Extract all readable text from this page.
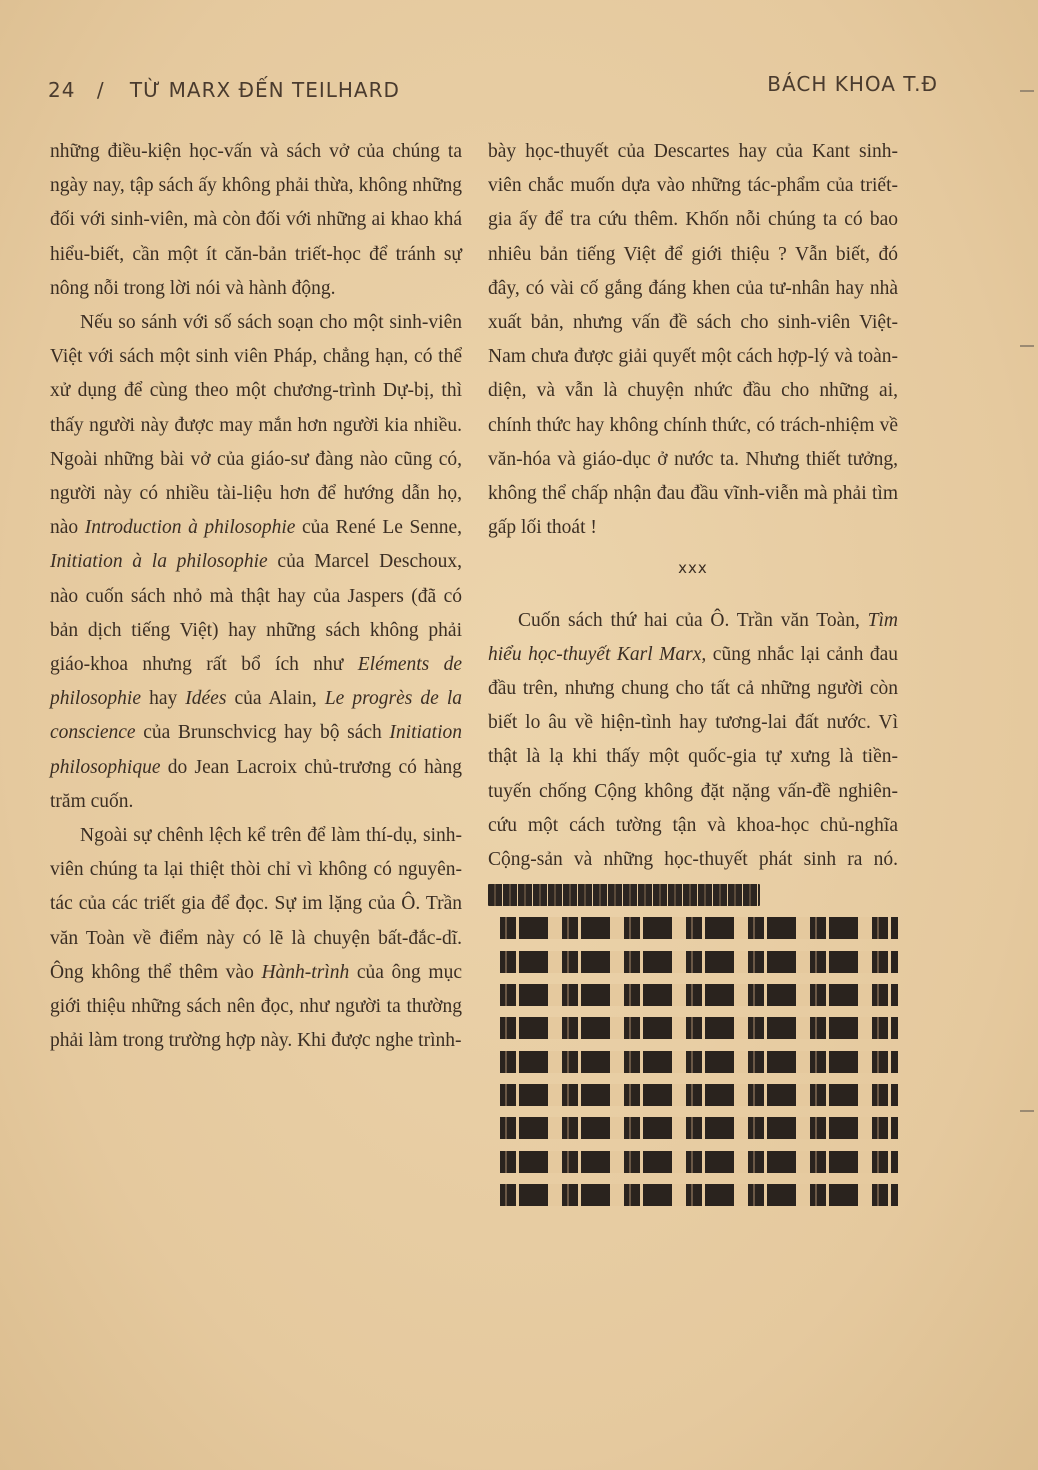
24 / TỪ MARX ĐẾN TEILHARD	BÁCH KHOA T.Đ

những điều-kiện học-vấn và sách vở của chúng ta ngày nay, tập sách ấy không phải thừa, không những đối với sinh-viên, mà còn đối với những ai khao khá hiểu-biết, cần một ít căn-bản triết-học để tránh sự nông nỗi trong lời nói và hành động.

Nếu so sánh với số sách soạn cho một sinh-viên Việt với sách một sinh viên Pháp, chẳng hạn, có thể xử dụng để cùng theo một chương-trình Dự-bị, thì thấy người này được may mắn hơn người kia nhiều. Ngoài những bài vở của giáo-sư đàng nào cũng có, người này có nhiều tài-liệu hơn để hướng dẫn họ, nào Introduction à philosophie của René Le Senne, Initiation à la philosophie của Marcel Deschoux, nào cuốn sách nhỏ mà thật hay của Jaspers (đã có bản dịch tiếng Việt) hay những sách không phải giáo-khoa nhưng rất bổ ích như Eléments de philosophie hay Idées của Alain, Le progrès de la conscience của Brunschvicg hay bộ sách Initiation philosophique do Jean Lacroix chủ-trương có hàng trăm cuốn.

Ngoài sự chênh lệch kể trên để làm thí-dụ, sinh-viên chúng ta lại thiệt thòi chỉ vì không có nguyên-tác của các triết gia để đọc. Sự im lặng của Ô. Trần văn Toàn về điểm này có lẽ là chuyện bất-đắc-dĩ. Ông không thể thêm vào Hành-trình của ông mục giới thiệu những sách nên đọc, như người ta thường phải làm trong trường hợp này. Khi được nghe trình-

bày học-thuyết của Descartes hay của Kant sinh-viên chắc muốn dựa vào những tác-phẩm của triết-gia ấy để tra cứu thêm. Khốn nỗi chúng ta có bao nhiêu bản tiếng Việt để giới thiệu ? Vẫn biết, đó đây, có vài cố gắng đáng khen của tư-nhân hay nhà xuất bản, nhưng vấn đề sách cho sinh-viên Việt-Nam chưa được giải quyết một cách hợp-lý và toàn-diện, và vẫn là chuyện nhức đầu cho những ai, chính thức hay không chính thức, có trách-nhiệm về văn-hóa và giáo-dục ở nước ta. Nhưng thiết tưởng, không thể chấp nhận đau đầu vĩnh-viễn mà phải tìm gấp lối thoát !

xxx

Cuốn sách thứ hai của Ô. Trần văn Toàn, Tìm hiểu học-thuyết Karl Marx, cũng nhắc lại cảnh đau đầu trên, nhưng chung cho tất cả những người còn biết lo âu về hiện-tình hay tương-lai đất nước. Vì thật là lạ khi thấy một quốc-gia tự xưng là tiền-tuyến chống Cộng không đặt nặng vấn-đề nghiên-cứu một cách tường tận và khoa-học chủ-nghĩa Cộng-sản và những học-thuyết phát sinh ra nó.
